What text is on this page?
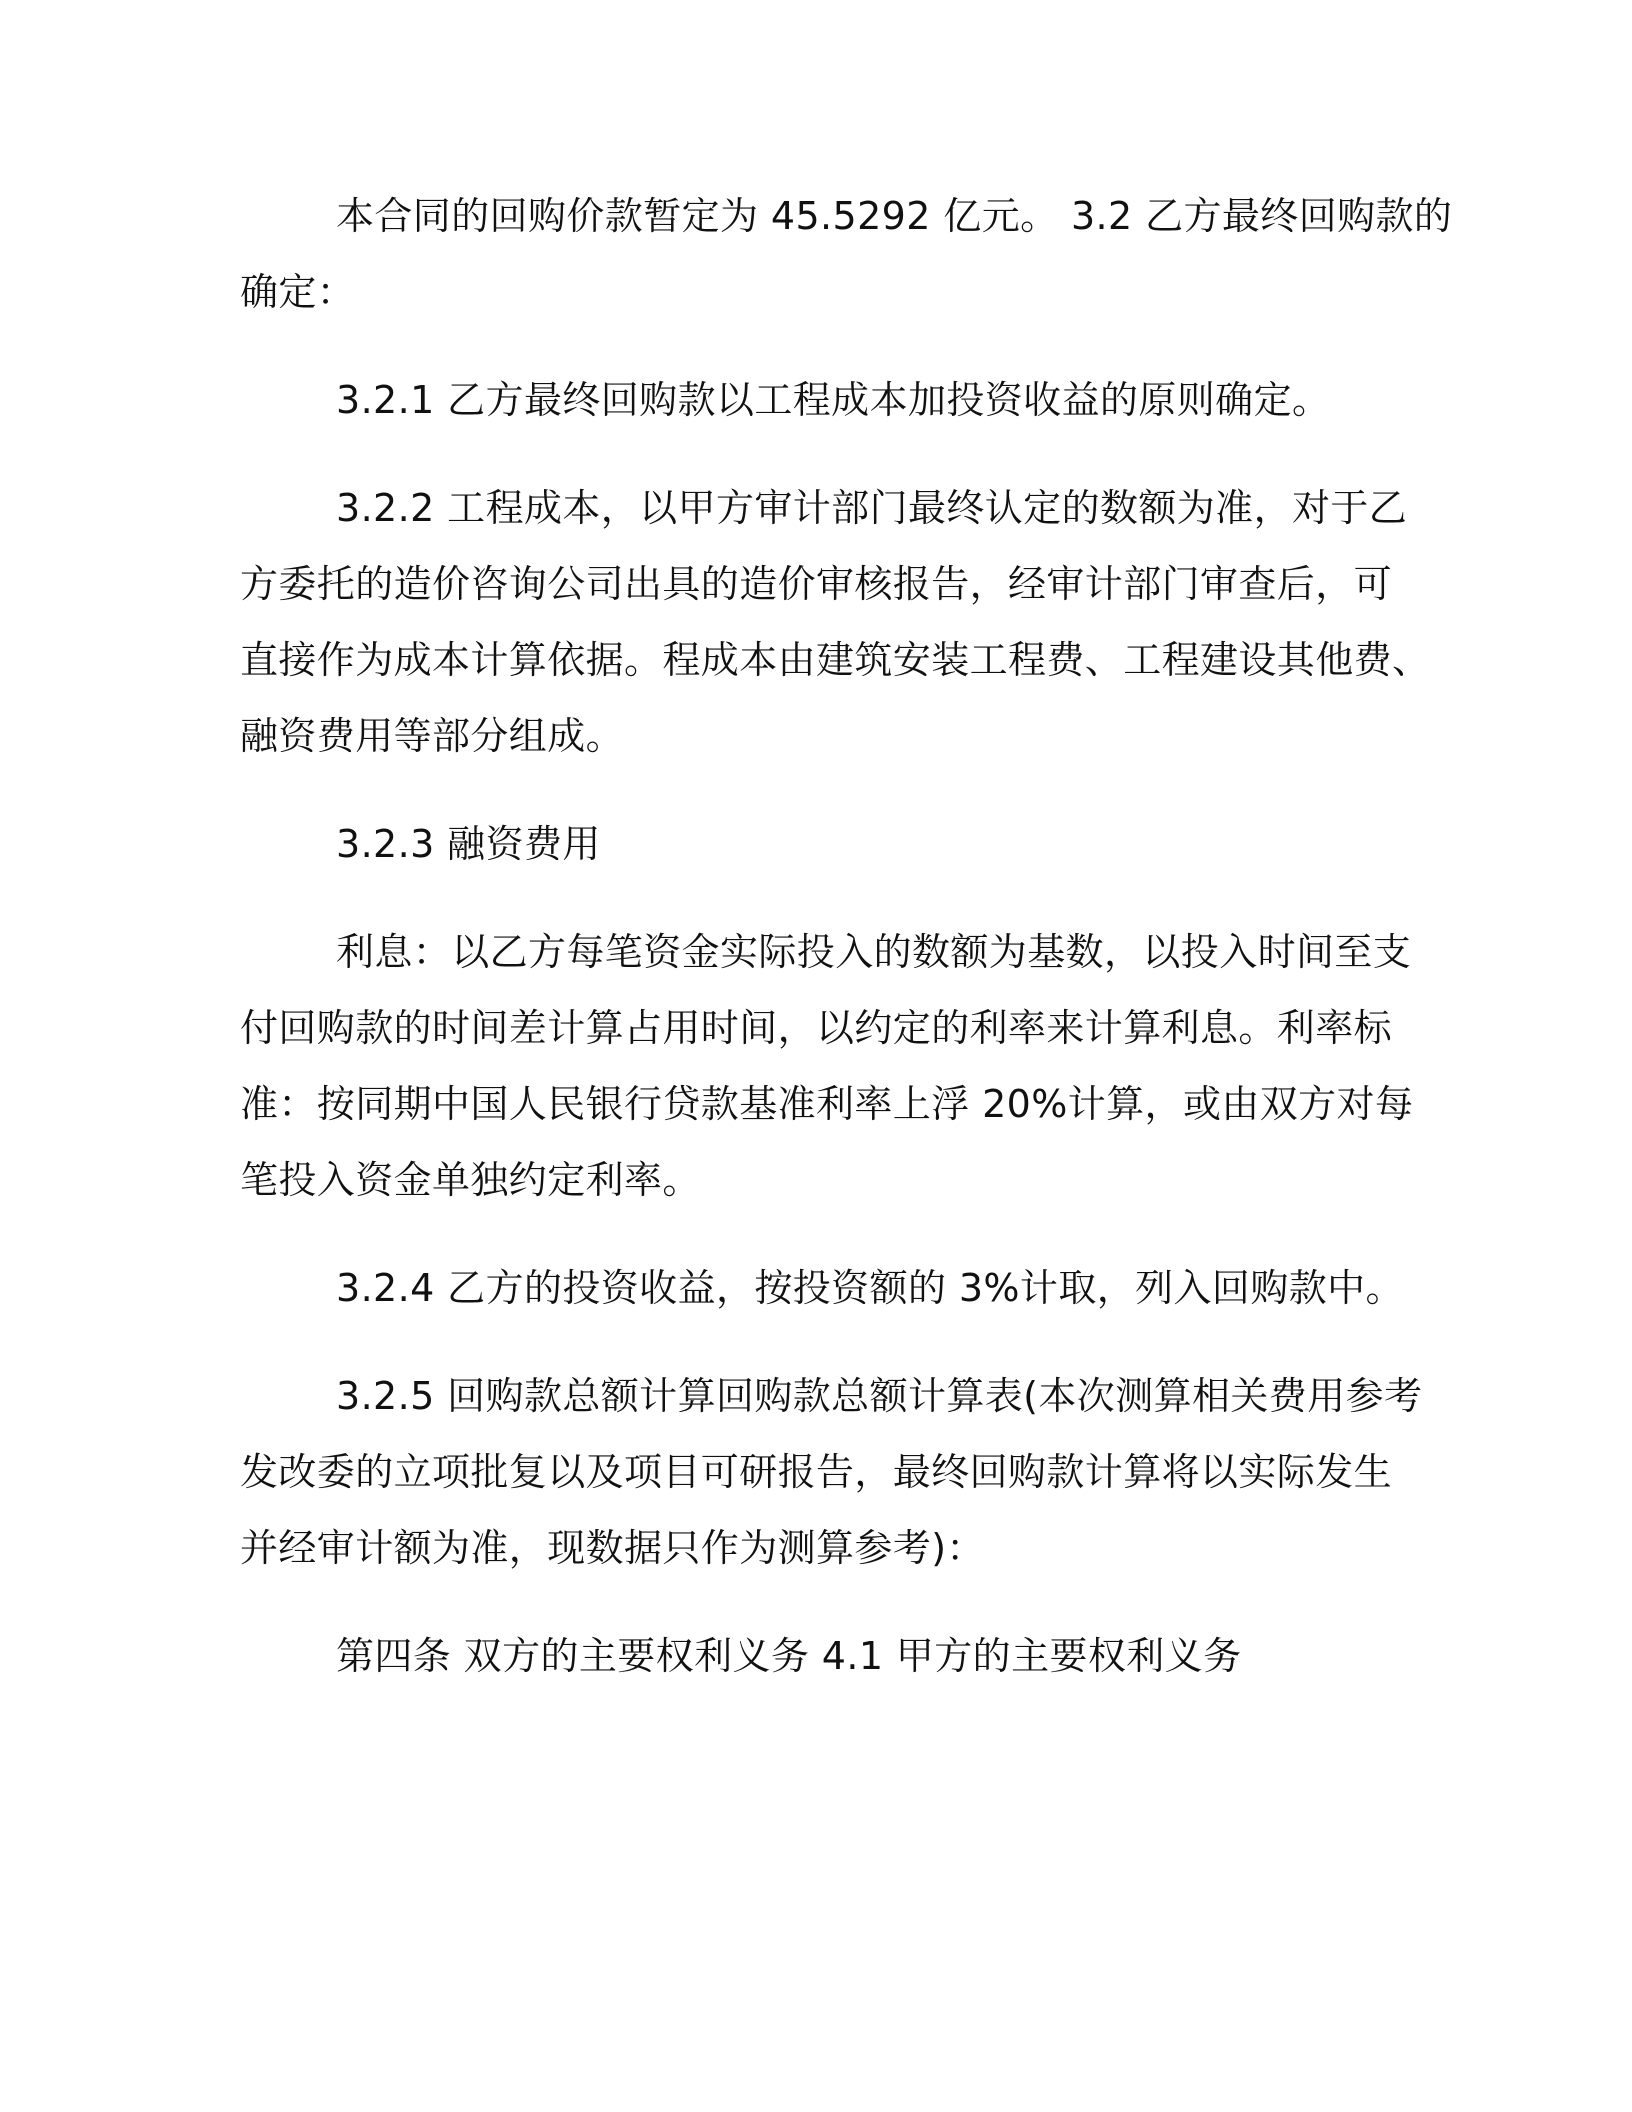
本合同的回购价款暂定为 45.5292 亿元。 3.2 乙方最终回购款的

确定：

3.2.1 乙方最终回购款以工程成本加投资收益的原则确定。

3.2.2 工程成本，以甲方审计部门最终认定的数额为准，对于乙

方委托的造价咨询公司出具的造价审核报告，经审计部门审查后，可

直接作为成本计算依据。程成本由建筑安装工程费、工程建设其他费、

融资费用等部分组成。

3.2.3 融资费用

利息：以乙方每笔资金实际投入的数额为基数，以投入时间至支

付回购款的时间差计算占用时间，以约定的利率来计算利息。利率标

准：按同期中国人民银行贷款基准利率上浮 20%计算，或由双方对每

笔投入资金单独约定利率。

3.2.4 乙方的投资收益，按投资额的 3%计取，列入回购款中。

3.2.5 回购款总额计算回购款总额计算表(本次测算相关费用参考

发改委的立项批复以及项目可研报告，最终回购款计算将以实际发生

并经审计额为准，现数据只作为测算参考)：

第四条 双方的主要权利义务 4.1 甲方的主要权利义务
